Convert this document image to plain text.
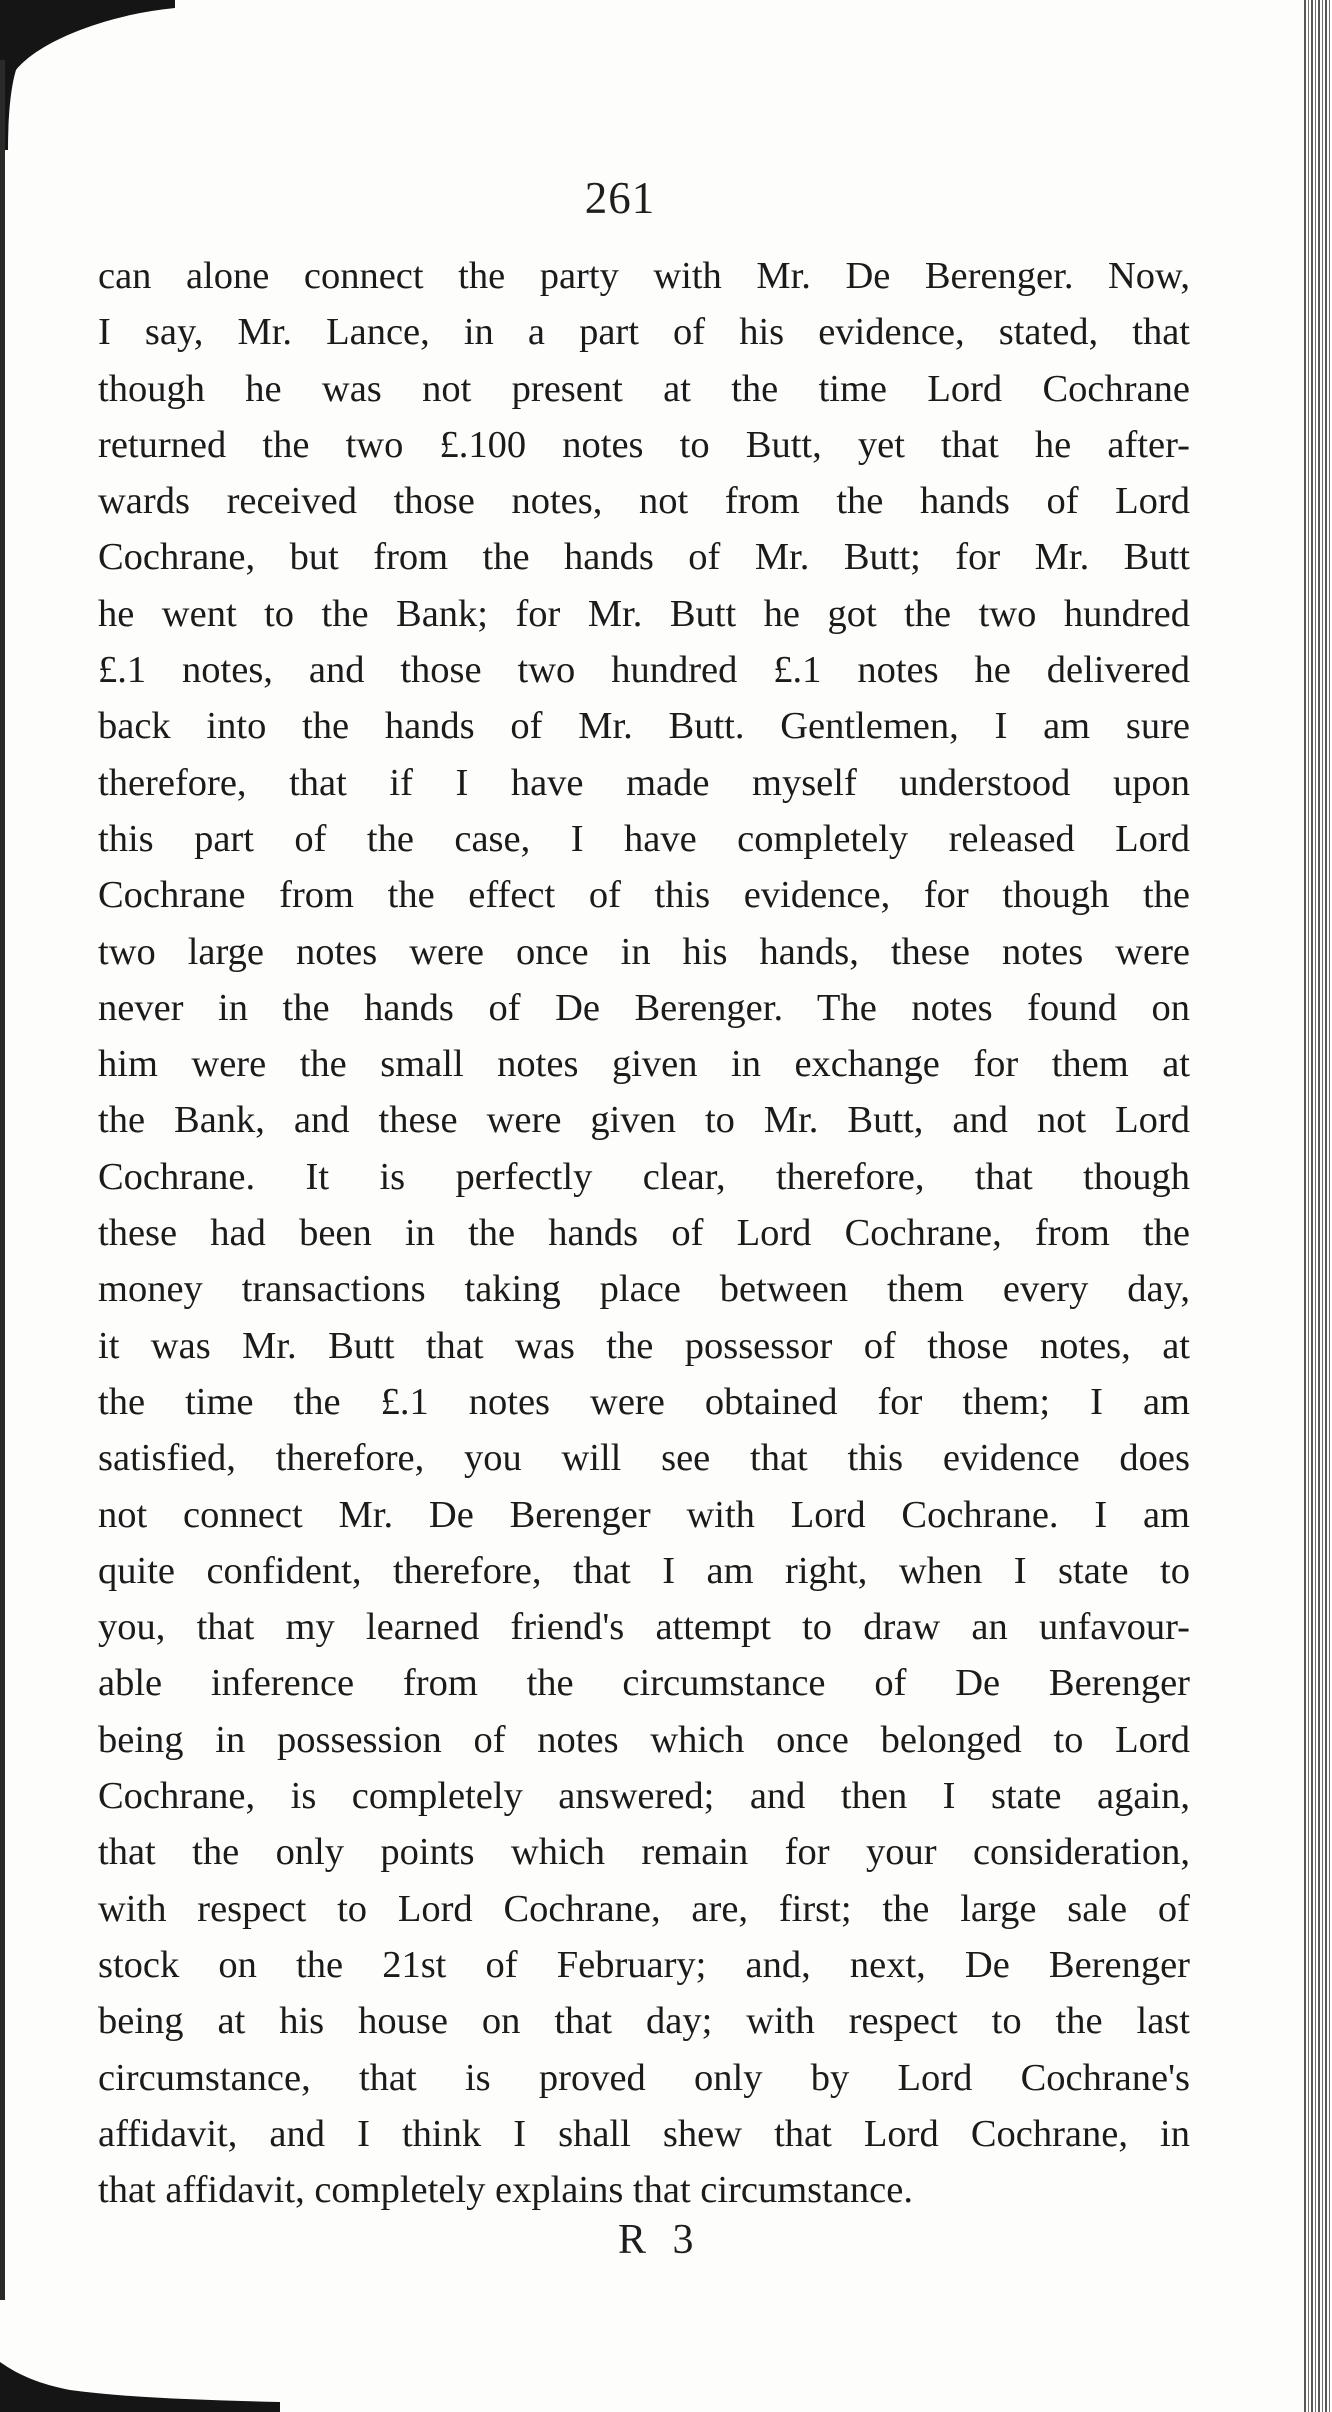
261
can alone connect the party with Mr. De Berenger. Now,
I say, Mr. Lance, in a part of his evidence, stated, that
though he was not present at the time Lord Cochrane
returned the two £.100 notes to Butt, yet that he after-
wards received those notes, not from the hands of Lord
Cochrane, but from the hands of Mr. Butt; for Mr. Butt
he went to the Bank; for Mr. Butt he got the two hundred
£.1 notes, and those two hundred £.1 notes he delivered
back into the hands of Mr. Butt. Gentlemen, I am sure
therefore, that if I have made myself understood upon
this part of the case, I have completely released Lord
Cochrane from the effect of this evidence, for though the
two large notes were once in his hands, these notes were
never in the hands of De Berenger. The notes found on
him were the small notes given in exchange for them at
the Bank, and these were given to Mr. Butt, and not Lord
Cochrane. It is perfectly clear, therefore, that though
these had been in the hands of Lord Cochrane, from the
money transactions taking place between them every day,
it was Mr. Butt that was the possessor of those notes, at
the time the £.1 notes were obtained for them; I am
satisfied, therefore, you will see that this evidence does
not connect Mr. De Berenger with Lord Cochrane. I am
quite confident, therefore, that I am right, when I state to
you, that my learned friend's attempt to draw an unfavour-
able inference from the circumstance of De Berenger
being in possession of notes which once belonged to Lord
Cochrane, is completely answered; and then I state again,
that the only points which remain for your consideration,
with respect to Lord Cochrane, are, first; the large sale of
stock on the 21st of February; and, next, De Berenger
being at his house on that day; with respect to the last
circumstance, that is proved only by Lord Cochrane's
affidavit, and I think I shall shew that Lord Cochrane, in
that affidavit, completely explains that circumstance.
R 3
